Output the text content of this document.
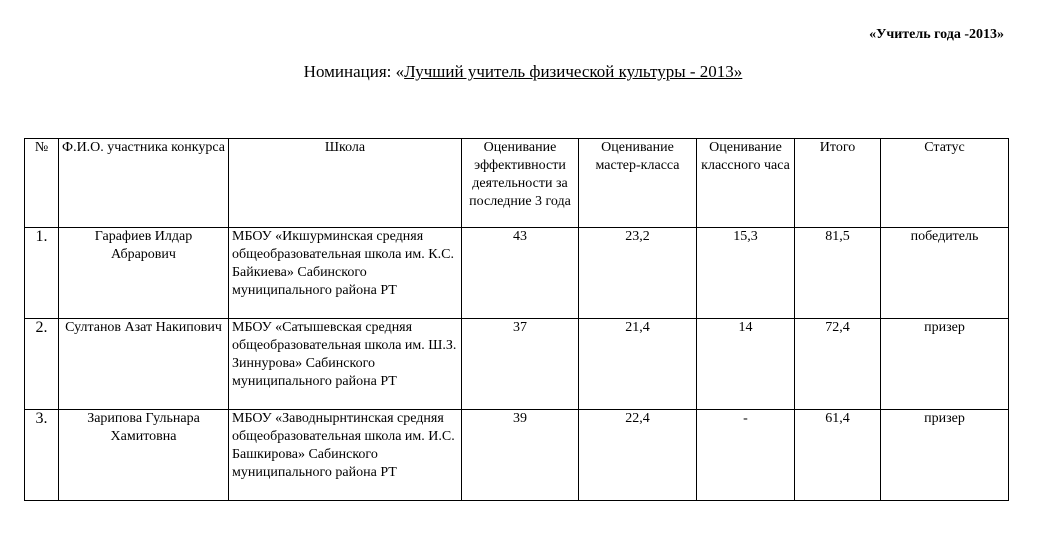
«Учитель года -2013»
Номинация: «Лучший учитель физической культуры - 2013»
№	Ф.И.О. участника конкурса	Школа	Оценивание эффективности деятельности за последние 3 года	Оценивание мастер-класса	Оценивание классного часа	Итого	Статус
1.	Гарафиев Илдар Абрарович	МБОУ «Икшурминская средняя общеобразовательная школа им. К.С. Байкиева» Сабинского муниципального района РТ	43	23,2	15,3	81,5	победитель
2.	Султанов Азат Накипович	МБОУ «Сатышевская средняя общеобразовательная школа им. Ш.З. Зиннурова» Сабинского муниципального района РТ	37	21,4	14	72,4	призер
3.	Зарипова Гульнара Хамитовна	МБОУ «Заводнырнтинская средняя общеобразовательная школа им. И.С. Башкирова» Сабинского муниципального района РТ	39	22,4	-	61,4	призер
